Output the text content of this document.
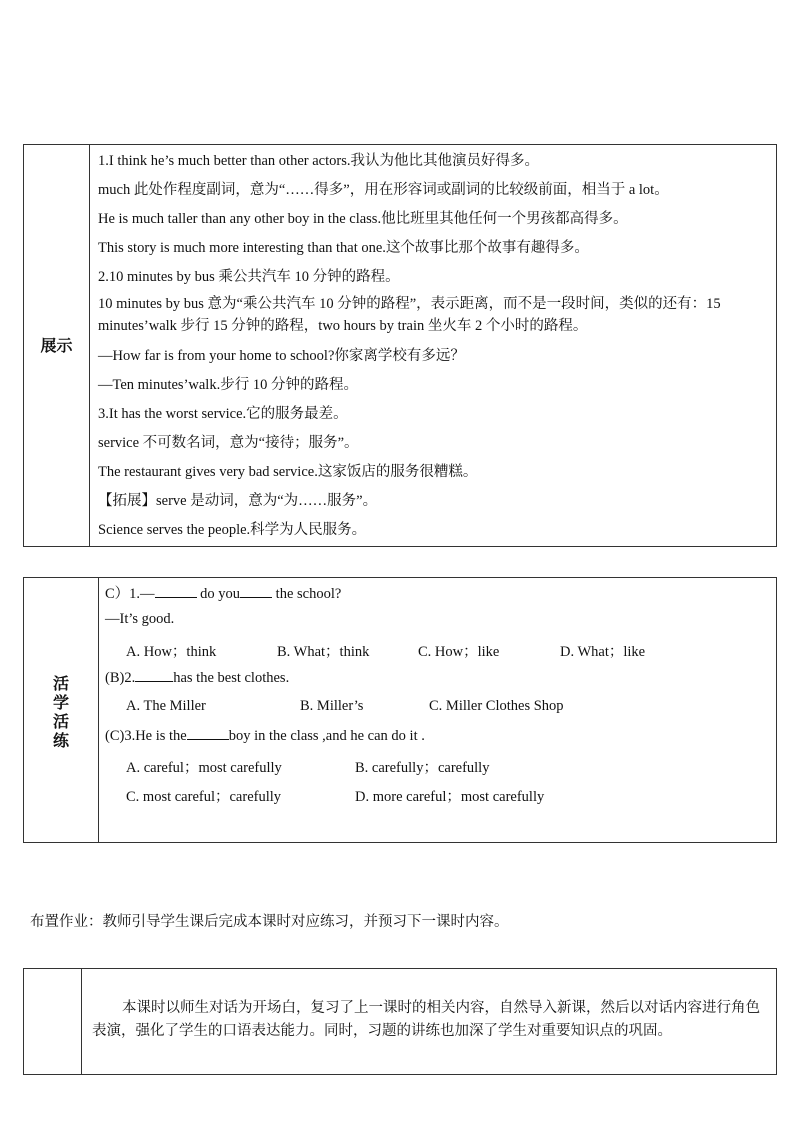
展示
1.I think he’s much better than other actors.我认为他比其他演员好得多。
much 此处作程度副词，意为“……得多”，用在形容词或副词的比较级前面，相当于 a lot。
He is much taller than any other boy in the class.他比班里其他任何一个男孩都高得多。
This story is much more interesting than that one.这个故事比那个故事有趣得多。
2.10 minutes by bus 乘公共汽车 10 分钟的路程。
10 minutes by bus 意为“乘公共汽车 10 分钟的路程”，表示距离，而不是一段时间，类似的还有：15 minutes’walk 步行 15 分钟的路程，two hours by train 坐火车 2 个小时的路程。
—How far is from your home to school?你家离学校有多远？
—Ten minutes’walk.步行 10 分钟的路程。
3.It has the worst service.它的服务最差。
service 不可数名词，意为“接待；服务”。
The restaurant gives very bad service.这家饭店的服务很糟糕。
【拓展】serve 是动词，意为“为……服务”。
Science serves the people.科学为人民服务。
活
学
活
练
C）1.—	do you the school?
—It’s good.
A. How；think	B. What；think	C. How；like	D. What；like
(B)2.	has the best clothes.
A. The Miller	B. Miller’s	C. Miller Clothes Shop
(C)3.He is the	boy in the class ,and he can do it .
A. careful；most carefully	B. carefully；carefully
C. most careful；carefully	D. more careful；most carefully
布置作业：教师引导学生课后完成本课时对应练习，并预习下一课时内容。
本课时以师生对话为开场白，复习了上一课时的相关内容，自然导入新课，然后以对话内容进行角色表演，强化了学生的口语表达能力。同时，习题的讲练也加深了学生对重要知识点的巩固。
